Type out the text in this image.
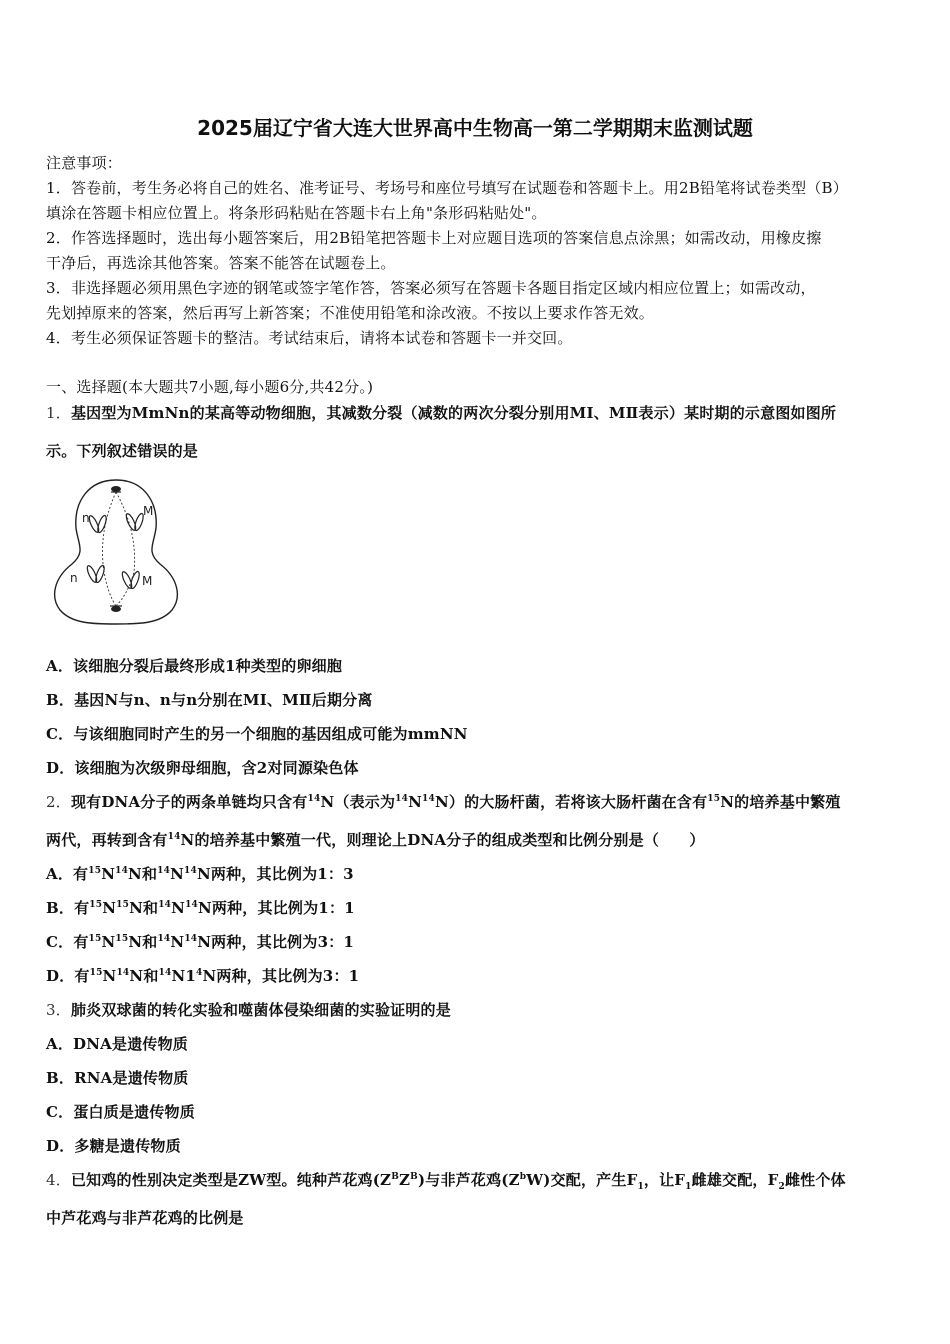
2025届辽宁省大连大世界高中生物高一第二学期期末监测试题
注意事项：
1．答卷前，考生务必将自己的姓名、准考证号、考场号和座位号填写在试题卷和答题卡上。用2B铅笔将试卷类型（B）
填涂在答题卡相应位置上。将条形码粘贴在答题卡右上角"条形码粘贴处"。
2．作答选择题时，选出每小题答案后，用2B铅笔把答题卡上对应题目选项的答案信息点涂黑；如需改动，用橡皮擦
干净后，再选涂其他答案。答案不能答在试题卷上。
3．非选择题必须用黑色字迹的钢笔或签字笔作答，答案必须写在答题卡各题目指定区域内相应位置上；如需改动，
先划掉原来的答案，然后再写上新答案；不准使用铅笔和涂改液。不按以上要求作答无效。
4．考生必须保证答题卡的整洁。考试结束后，请将本试卷和答题卡一并交回。
一、选择题(本大题共7小题,每小题6分,共42分。)
1．基因型为MmNn的某高等动物细胞，其减数分裂（减数的两次分裂分别用MⅠ、MⅡ表示）某时期的示意图如图所
示。下列叙述错误的是
n	M
n	M
A．该细胞分裂后最终形成1种类型的卵细胞
B．基因N与n、n与n分别在MⅠ、MⅡ后期分离
C．与该细胞同时产生的另一个细胞的基因组成可能为mmNN
D．该细胞为次级卵母细胞，含2对同源染色体
2．现有DNA分子的两条单链均只含有$^{14}$N（表示为$^{14}N^{14}N$）的大肠杆菌，若将该大肠杆菌在含有$^{15}$N的培养基中繁殖
两代，再转到含有$^{14}$N的培养基中繁殖一代，则理论上DNA分子的组成类型和比例分别是（　　）
A．有$^{15}N^{14}N$和$^{14}N^{14}N$两种，其比例为1：3
B．有$^{15}N^{15}N$和$^{14}N^{14}N$两种，其比例为1：1
C．有$^{15}N^{15}N$和$^{14}N^{14}N$两种，其比例为3：1
D．有$^{15}N^{14}N$和$^{14}N1^4N$两种，其比例为3：1
3．肺炎双球菌的转化实验和噬菌体侵染细菌的实验证明的是
A．DNA是遗传物质
B．RNA是遗传物质
C．蛋白质是遗传物质
D．多糖是遗传物质
4．已知鸡的性别决定类型是ZW型。纯种芦花鸡$(Z^BZ^B)$与非芦花鸡$(Z^bW)$交配，产生$F_1$，让$F_1$雌雄交配，$F_2$雌性个体
中芦花鸡与非芦花鸡的比例是
